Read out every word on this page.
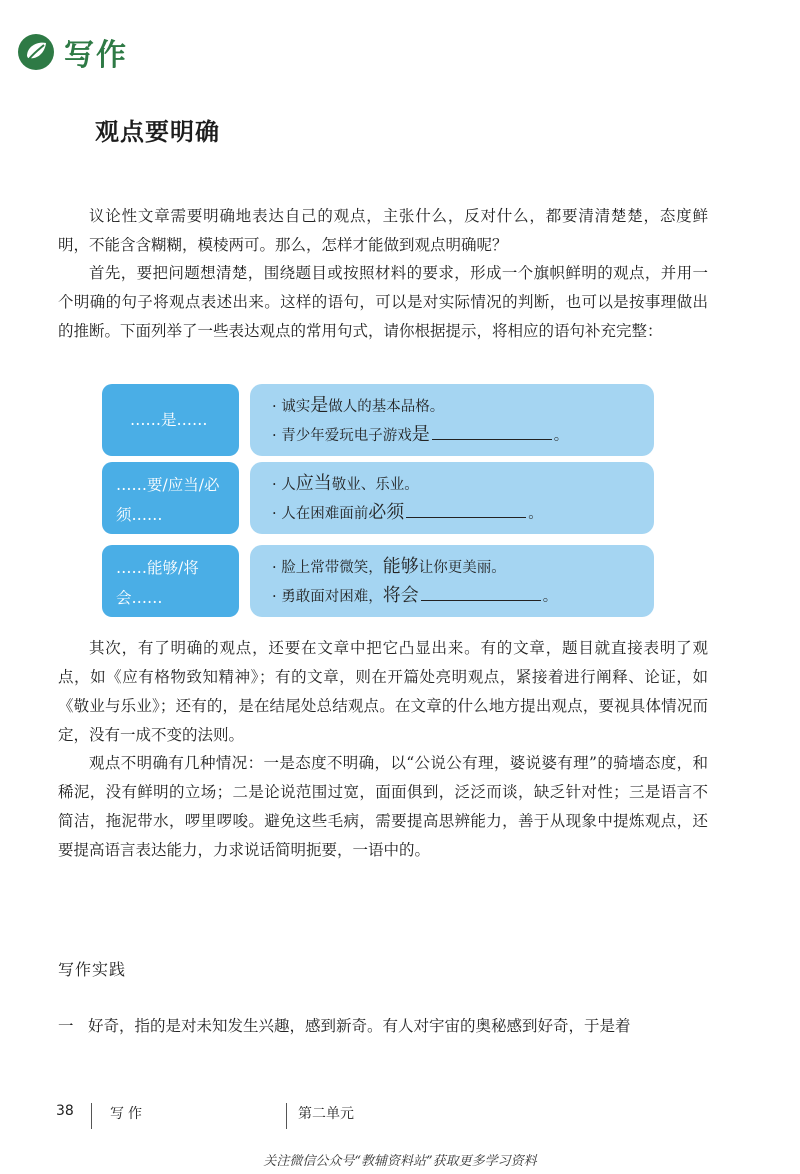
写作
观点要明确

议论性文章需要明确地表达自己的观点，主张什么，反对什么，都要清清楚楚，态度鲜明，不能含含糊糊，模棱两可。那么，怎样才能做到观点明确呢？

首先，要把问题想清楚，围绕题目或按照材料的要求，形成一个旗帜鲜明的观点，并用一个明确的句子将观点表述出来。这样的语句，可以是对实际情况的判断，也可以是按事理做出的推断。下面列举了一些表达观点的常用句式，请你根据提示，将相应的语句补充完整：

……是……
· 诚实是做人的基本品格。
· 青少年爱玩电子游戏是	。
……要/应当/必须……
· 人应当敬业、乐业。
· 人在困难面前必须	。
……能够/将会……
· 脸上常带微笑，能够让你更美丽。
· 勇敢面对困难，将会	。

其次，有了明确的观点，还要在文章中把它凸显出来。有的文章，题目就直接表明了观点，如《应有格物致知精神》；有的文章，则在开篇处亮明观点，紧接着进行阐释、论证，如《敬业与乐业》；还有的，是在结尾处总结观点。在文章的什么地方提出观点，要视具体情况而定，没有一成不变的法则。

观点不明确有几种情况：一是态度不明确，以“公说公有理，婆说婆有理”的骑墙态度，和稀泥，没有鲜明的立场；二是论说范围过宽，面面俱到，泛泛而谈，缺乏针对性；三是语言不简洁，拖泥带水，啰里啰唆。避免这些毛病，需要提高思辨能力，善于从现象中提炼观点，还要提高语言表达能力，力求说话简明扼要，一语中的。

写作实践
一 好奇，指的是对未知发生兴趣，感到新奇。有人对宇宙的奥秘感到好奇，于是着
38	写作	第二单元
关注微信公众号“教辅资料站”获取更多学习资料
